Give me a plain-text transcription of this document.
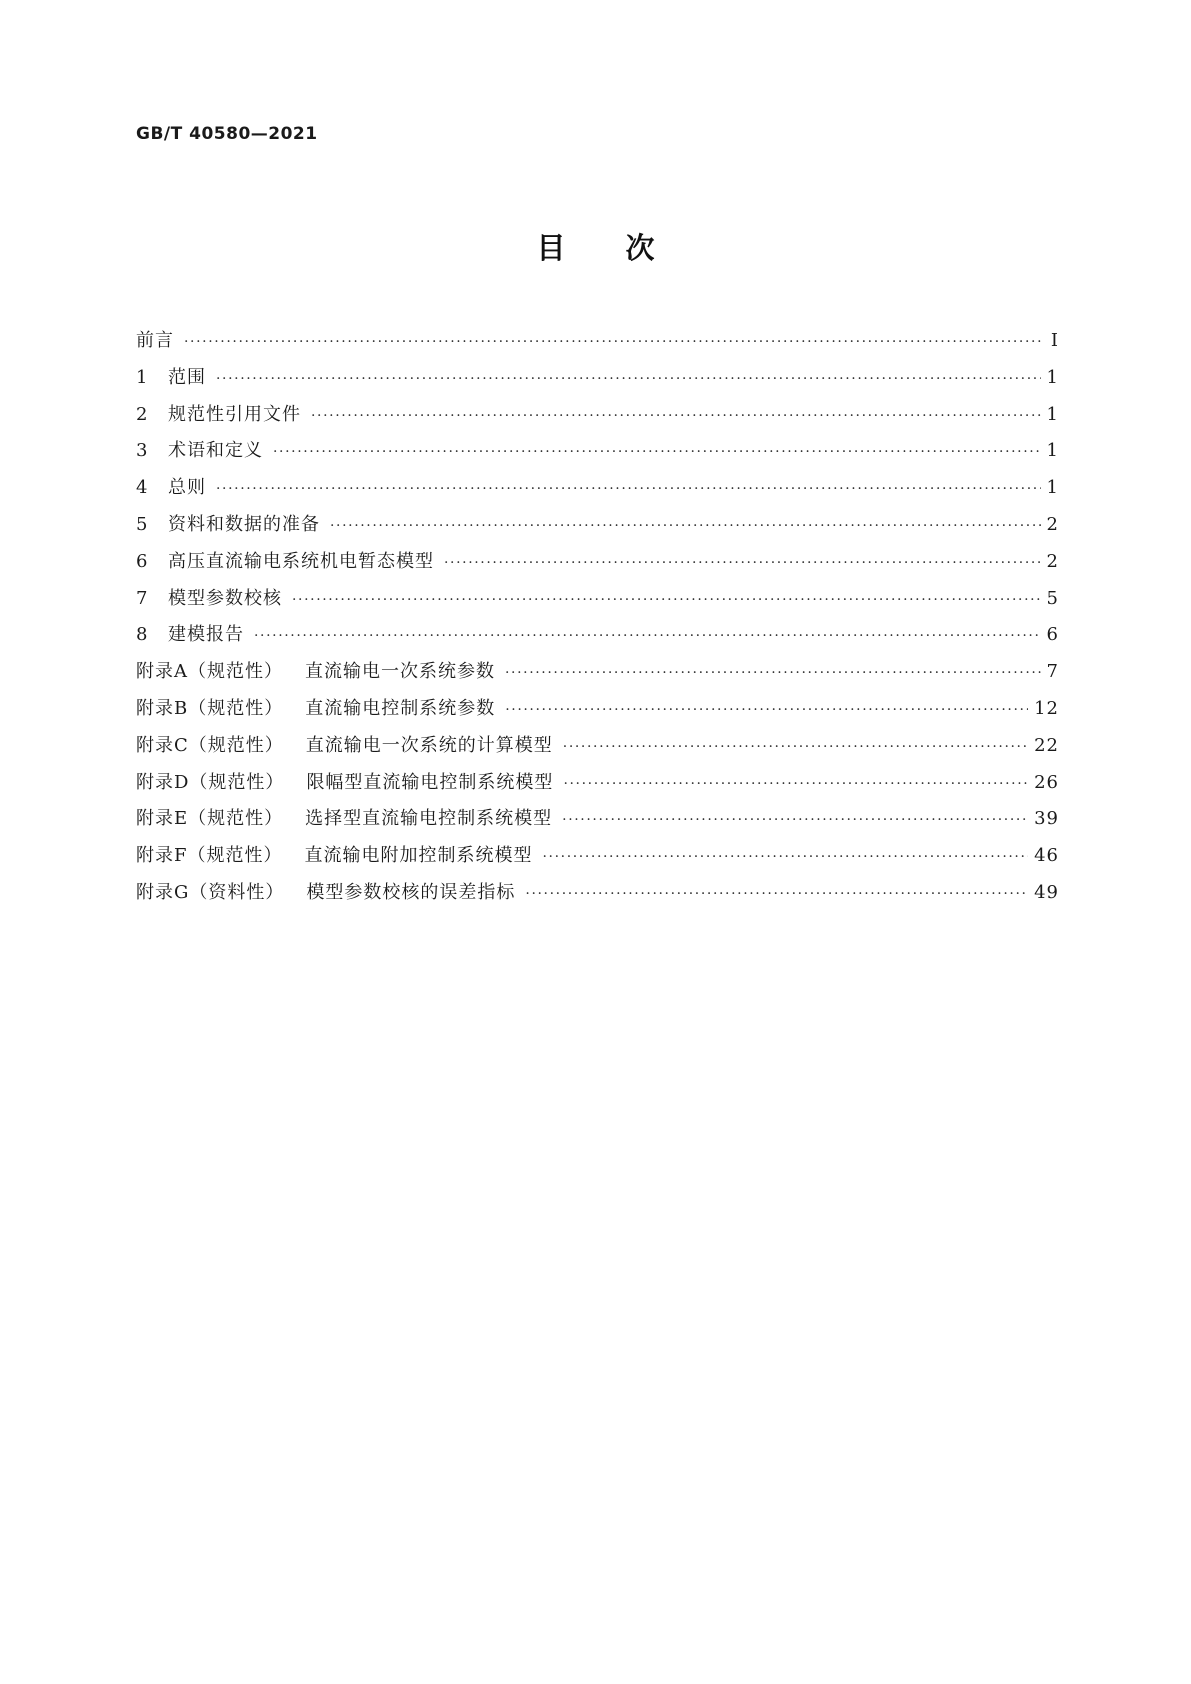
GB/T 40580—2021
目次
前言 ·····	Ⅰ
1	范围 ·····	1
2	规范性引用文件 ·····	1
3	术语和定义 ·····	1
4	总则 ·····	1
5	资料和数据的准备 ·····	2
6	高压直流输电系统机电暂态模型 ·····	2
7	模型参数校核 ·····	5
8	建模报告 ·····	6
附录A（规范性） 直流输电一次系统参数 ·····	7
附录B（规范性） 直流输电控制系统参数 ·····	12
附录C（规范性） 直流输电一次系统的计算模型 ·····	22
附录D（规范性） 限幅型直流输电控制系统模型 ·····	26
附录E（规范性） 选择型直流输电控制系统模型 ·····	39
附录F（规范性） 直流输电附加控制系统模型 ·····	46
附录G（资料性） 模型参数校核的误差指标 ·····	49
